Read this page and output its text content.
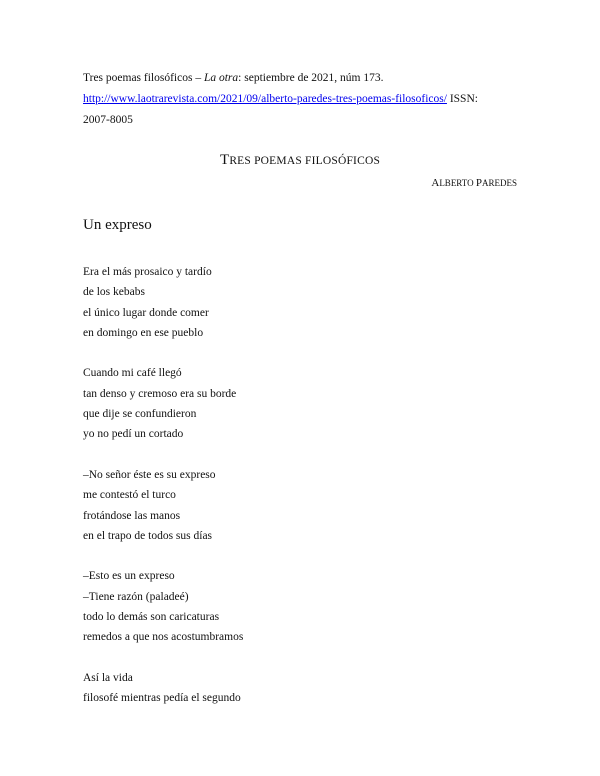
Tres poemas filosóficos – La otra: septiembre de 2021, núm 173.
http://www.laotrarevista.com/2021/09/alberto-paredes-tres-poemas-filosoficos/ ISSN:
2007-8005
TRES POEMAS FILOSÓFICOS
ALBERTO PAREDES
Un expreso
Era el más prosaico y tardío
de los kebabs
el único lugar donde comer
en domingo en ese pueblo
Cuando mi café llegó
tan denso y cremoso era su borde
que dije se confundieron
yo no pedí un cortado
–No señor éste es su expreso
me contestó el turco
frotándose las manos
en el trapo de todos sus días
–Esto es un expreso
–Tiene razón (paladeé)
todo lo demás son caricaturas
remedos a que nos acostumbramos
Así la vida
filosofé mientras pedía el segundo
